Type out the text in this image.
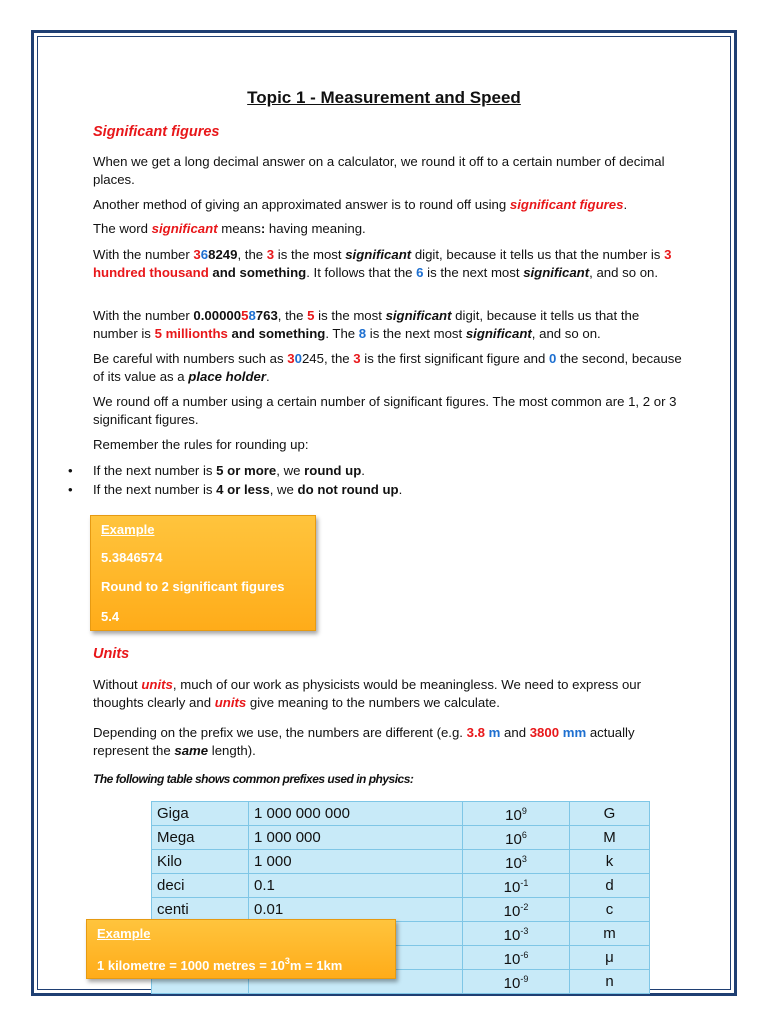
Topic 1 - Measurement and Speed
Significant figures
When we get a long decimal answer on a calculator, we round it off to a certain number of decimal places.
Another method of giving an approximated answer is to round off using significant figures.
The word significant means: having meaning.
With the number 368249, the 3 is the most significant digit, because it tells us that the number is 3 hundred thousand and something. It follows that the 6 is the next most significant, and so on.
With the number 0.0000058763, the 5 is the most significant digit, because it tells us that the number is 5 millionths and something. The 8 is the next most significant, and so on.
Be careful with numbers such as 30245, the 3 is the first significant figure and 0 the second, because of its value as a place holder.
We round off a number using a certain number of significant figures. The most common are 1, 2 or 3 significant figures.
Remember the rules for rounding up:
• If the next number is 5 or more, we round up.
• If the next number is 4 or less, we do not round up.
Example
5.3846574
Round to 2 significant figures
5.4
Units
Without units, much of our work as physicists would be meaningless. We need to express our thoughts clearly and units give meaning to the numbers we calculate.
Depending on the prefix we use, the numbers are different (e.g. 3.8 m and 3800 mm actually represent the same length).
The following table shows common prefixes used in physics:
Giga	1 000 000 000	$10^9$	G
Mega	1 000 000	$10^6$	M
Kilo	1 000	$10^3$	k
deci	0.1	$10^{-1}$	d
centi	0.01	$10^{-2}$	c
		$10^{-3}$	m
		$10^{-6}$	μ
		$10^{-9}$	n
Example
1 kilometre = 1000 metres = $10^3m = 1km$
